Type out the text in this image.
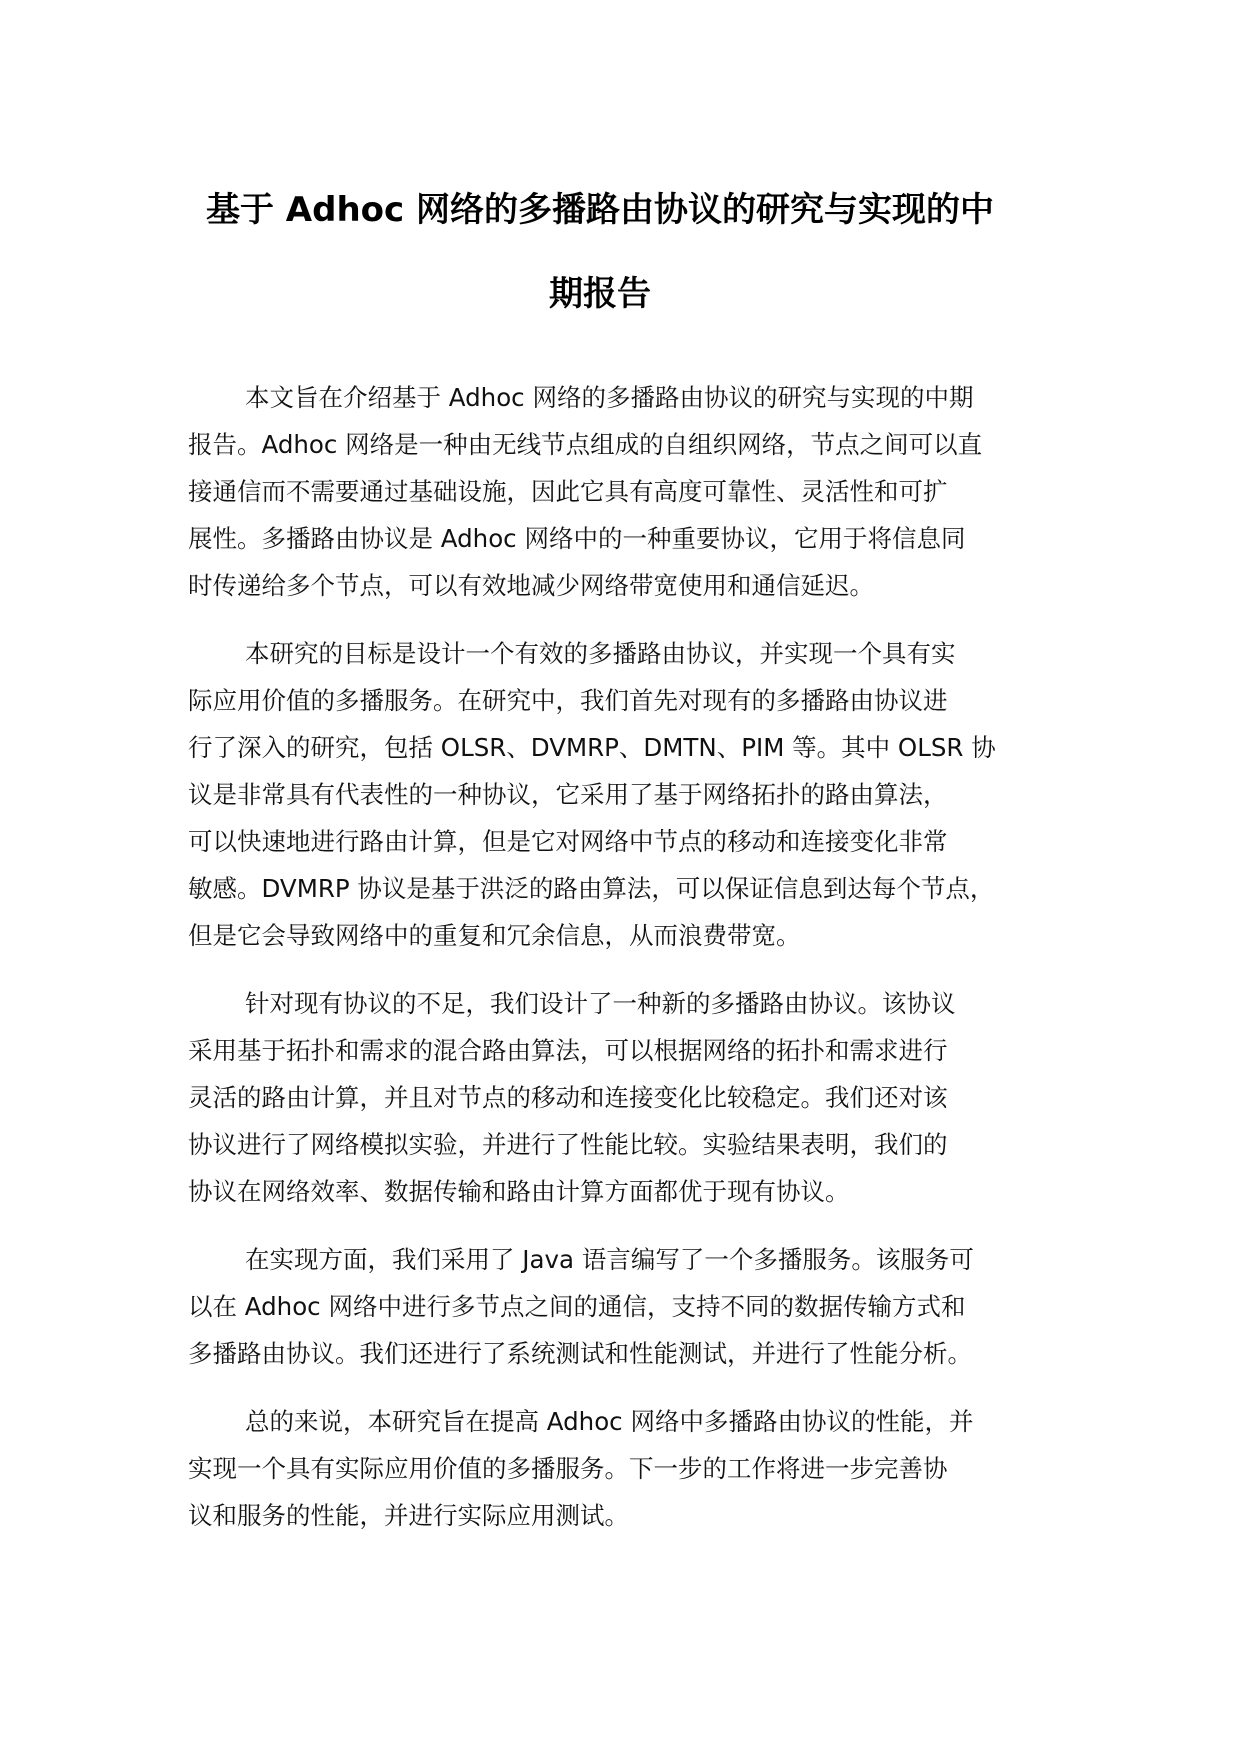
基于 Adhoc 网络的多播路由协议的研究与实现的中
期报告

本文旨在介绍基于 Adhoc 网络的多播路由协议的研究与实现的中期
报告。Adhoc 网络是一种由无线节点组成的自组织网络，节点之间可以直
接通信而不需要通过基础设施，因此它具有高度可靠性、灵活性和可扩
展性。多播路由协议是 Adhoc 网络中的一种重要协议，它用于将信息同
时传递给多个节点，可以有效地减少网络带宽使用和通信延迟。

本研究的目标是设计一个有效的多播路由协议，并实现一个具有实
际应用价值的多播服务。在研究中，我们首先对现有的多播路由协议进
行了深入的研究，包括 OLSR、DVMRP、DMTN、PIM 等。其中 OLSR 协
议是非常具有代表性的一种协议，它采用了基于网络拓扑的路由算法，
可以快速地进行路由计算，但是它对网络中节点的移动和连接变化非常
敏感。DVMRP 协议是基于洪泛的路由算法，可以保证信息到达每个节点，
但是它会导致网络中的重复和冗余信息，从而浪费带宽。

针对现有协议的不足，我们设计了一种新的多播路由协议。该协议
采用基于拓扑和需求的混合路由算法，可以根据网络的拓扑和需求进行
灵活的路由计算，并且对节点的移动和连接变化比较稳定。我们还对该
协议进行了网络模拟实验，并进行了性能比较。实验结果表明，我们的
协议在网络效率、数据传输和路由计算方面都优于现有协议。

在实现方面，我们采用了 Java 语言编写了一个多播服务。该服务可
以在 Adhoc 网络中进行多节点之间的通信，支持不同的数据传输方式和
多播路由协议。我们还进行了系统测试和性能测试，并进行了性能分析。

总的来说，本研究旨在提高 Adhoc 网络中多播路由协议的性能，并
实现一个具有实际应用价值的多播服务。下一步的工作将进一步完善协
议和服务的性能，并进行实际应用测试。
